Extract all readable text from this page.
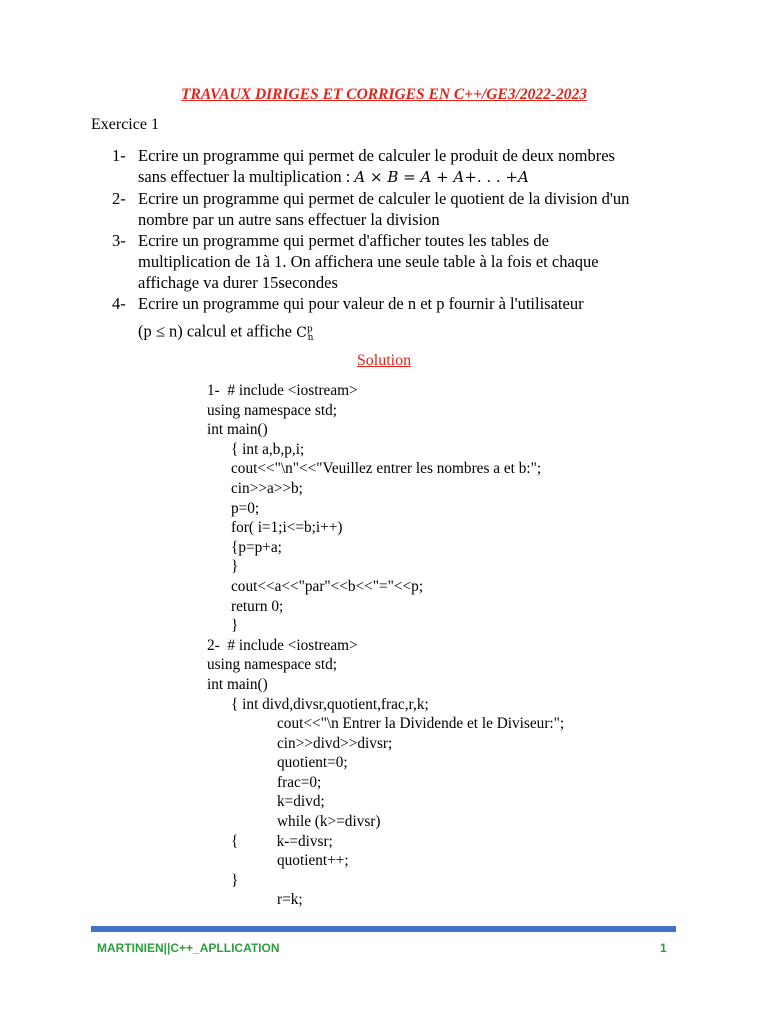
TRAVAUX DIRIGES ET CORRIGES EN C++/GE3/2022-2023
Exercice 1
1- Ecrire un programme qui permet de calculer le produit de deux nombres
sans effectuer la multiplication : A × B = A + A+. . . +A
2- Ecrire un programme qui permet de calculer le quotient de la division d'un
nombre par un autre sans effectuer la division
3- Ecrire un programme qui permet d'afficher toutes les tables de
multiplication de 1à 1. On affichera une seule table à la fois et chaque
affichage va durer 15secondes
4- Ecrire un programme qui pour valeur de n et p fournir à l'utilisateur
(p ≤ n) calcul et affiche $C^p_n$
Solution
1-  # include <iostream>
using namespace std;
int main()
{ int a,b,p,i;
cout<<"\n"<<"Veuillez entrer les nombres a et b:";
cin>>a>>b;
p=0;
for( i=1;i<=b;i++)
{p=p+a;
}
cout<<a<<"par"<<b<<"="<<p;
return 0;
}
2-  # include <iostream>
using namespace std;
int main()
{ int divd,divsr,quotient,frac,r,k;
cout<<"\n Entrer la Dividende et le Diviseur:";
cin>>divd>>divsr;
quotient=0;
frac=0;
k=divd;
while (k>=divsr)
{          k-=divsr;
quotient++;
}
r=k;
MARTINIEN||C++_APLLICATION	1
